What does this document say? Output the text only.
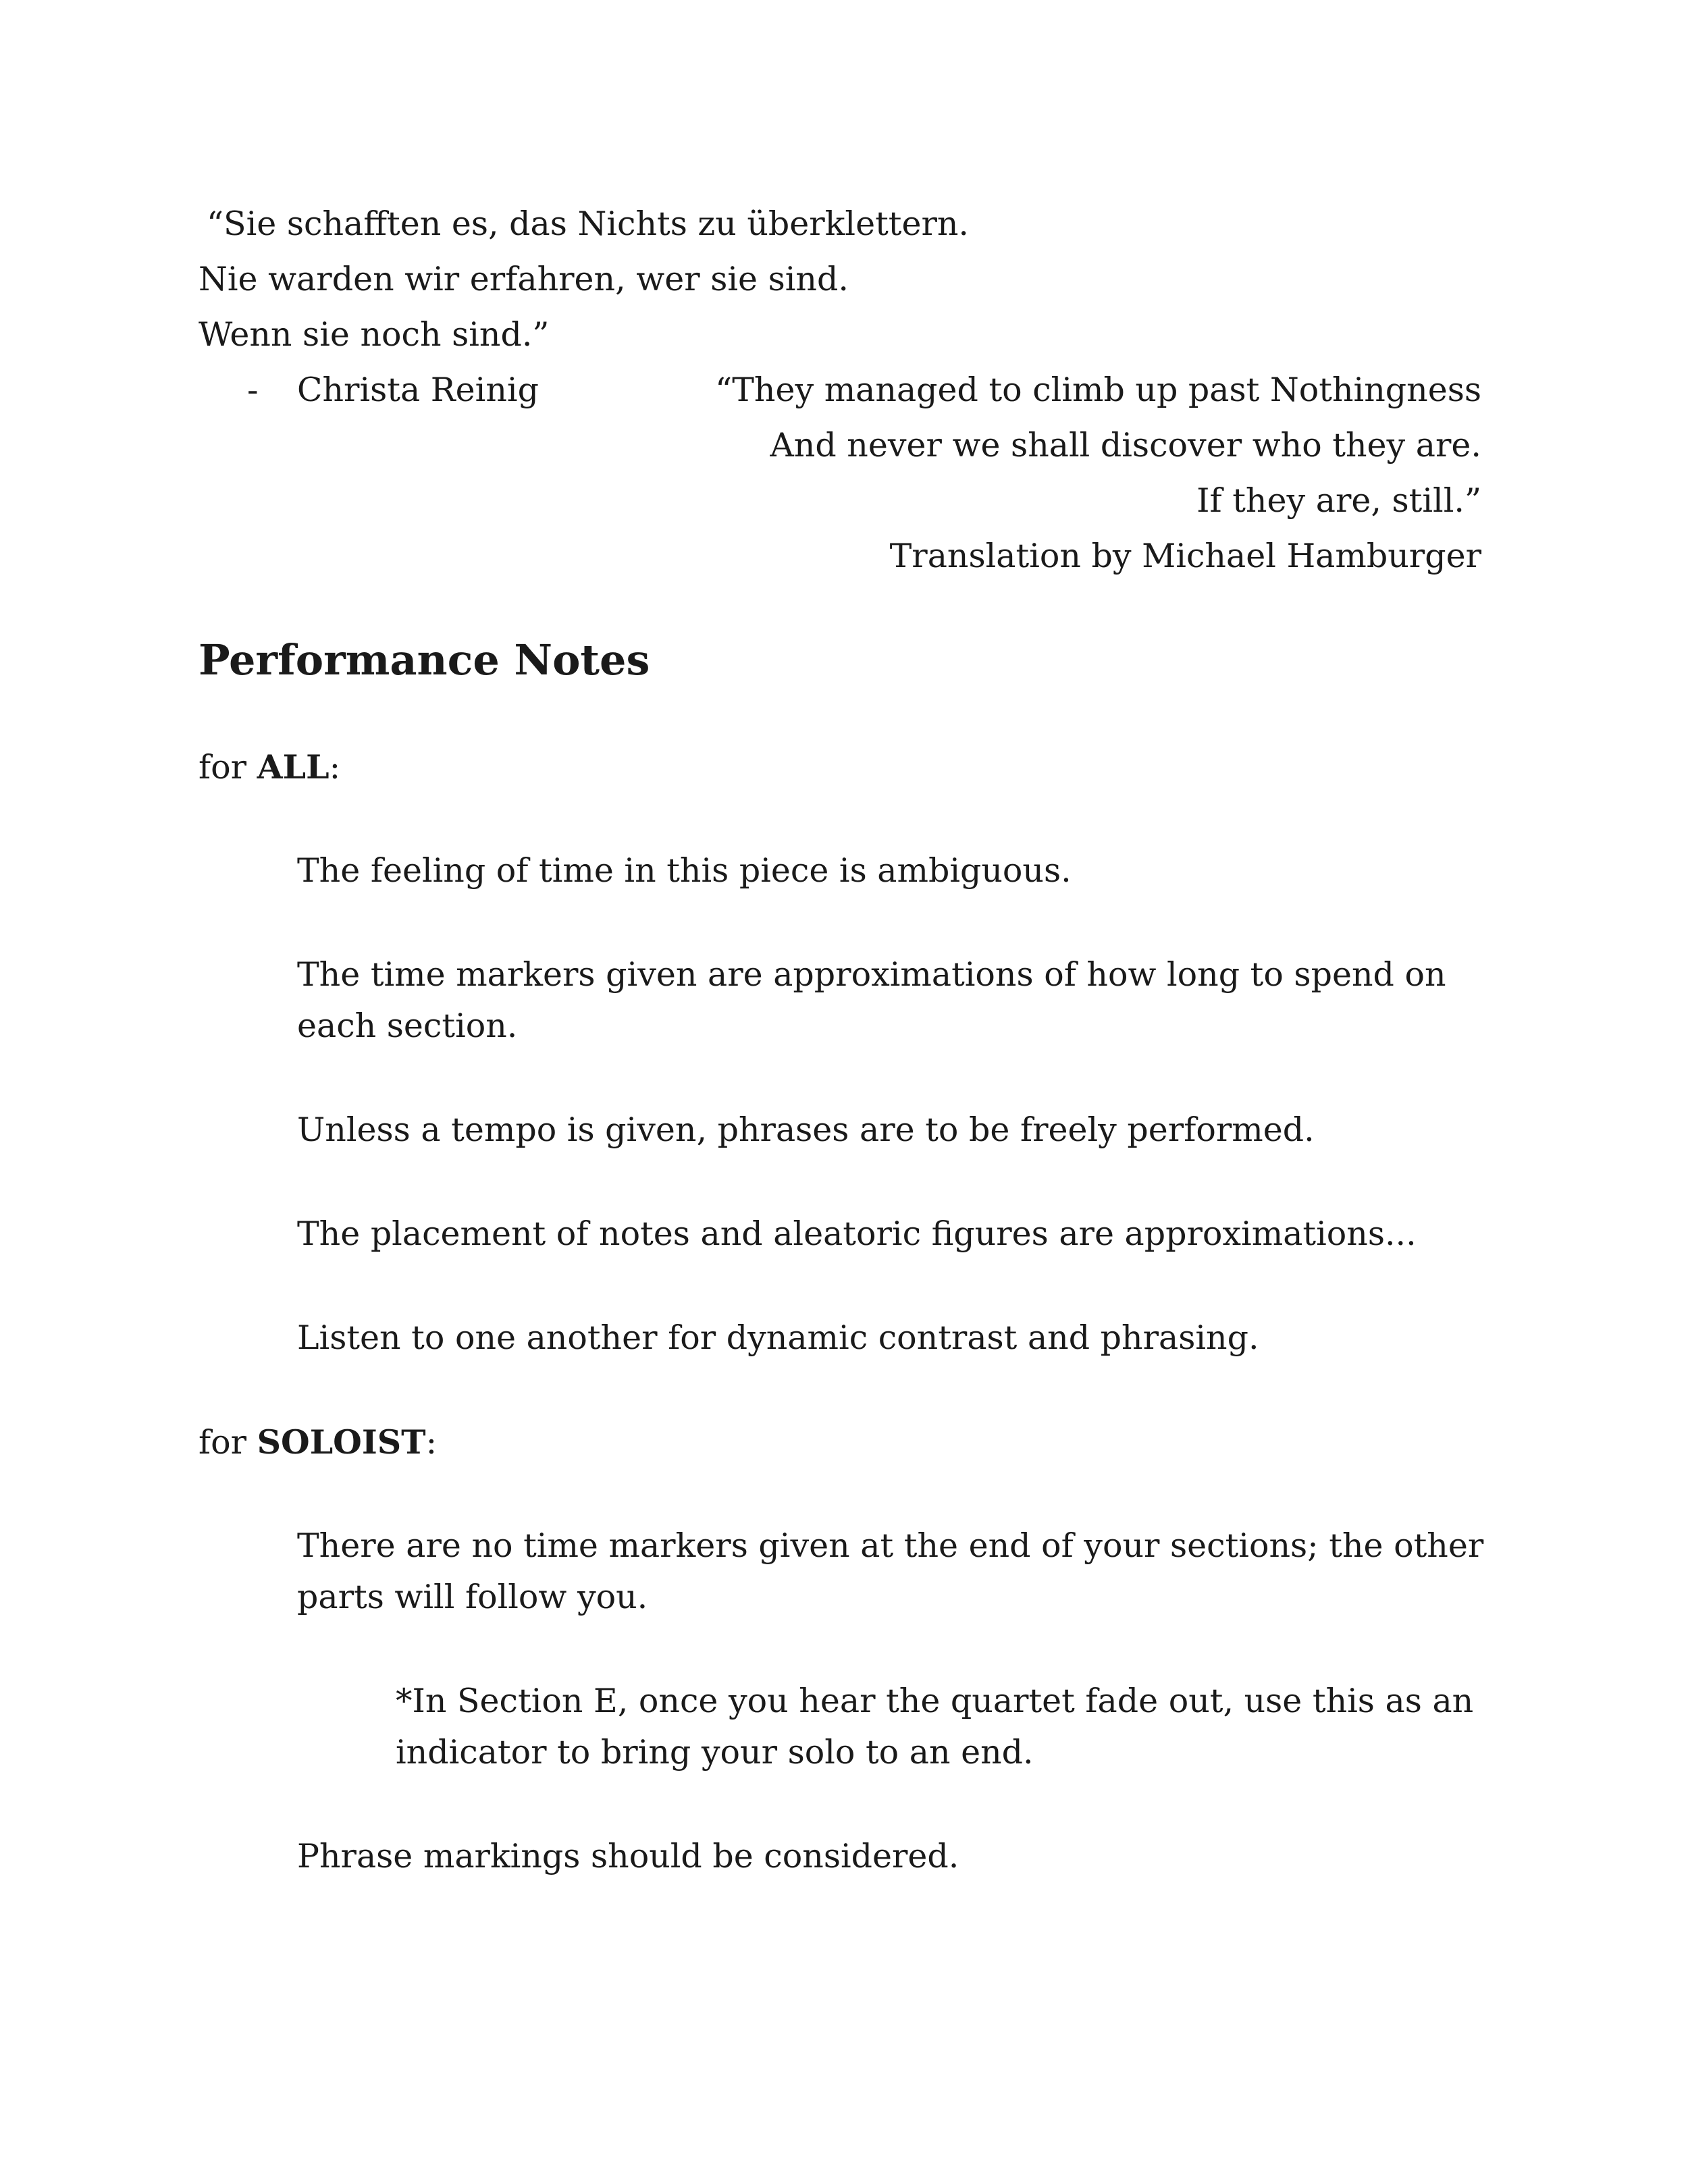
“Sie schafften es, das Nichts zu überklettern.
Nie warden wir erfahren, wer sie sind.
Wenn sie noch sind.”
- Christa Reinig	“They managed to climb up past Nothingness
And never we shall discover who they are.
If they are, still.”
Translation by Michael Hamburger
Performance Notes
for ALL:
The feeling of time in this piece is ambiguous.
The time markers given are approximations of how long to spend on
each section.
Unless a tempo is given, phrases are to be freely performed.
The placement of notes and aleatoric figures are approximations...
Listen to one another for dynamic contrast and phrasing.
for SOLOIST:
There are no time markers given at the end of your sections; the other
parts will follow you.
*In Section E, once you hear the quartet fade out, use this as an
indicator to bring your solo to an end.
Phrase markings should be considered.
